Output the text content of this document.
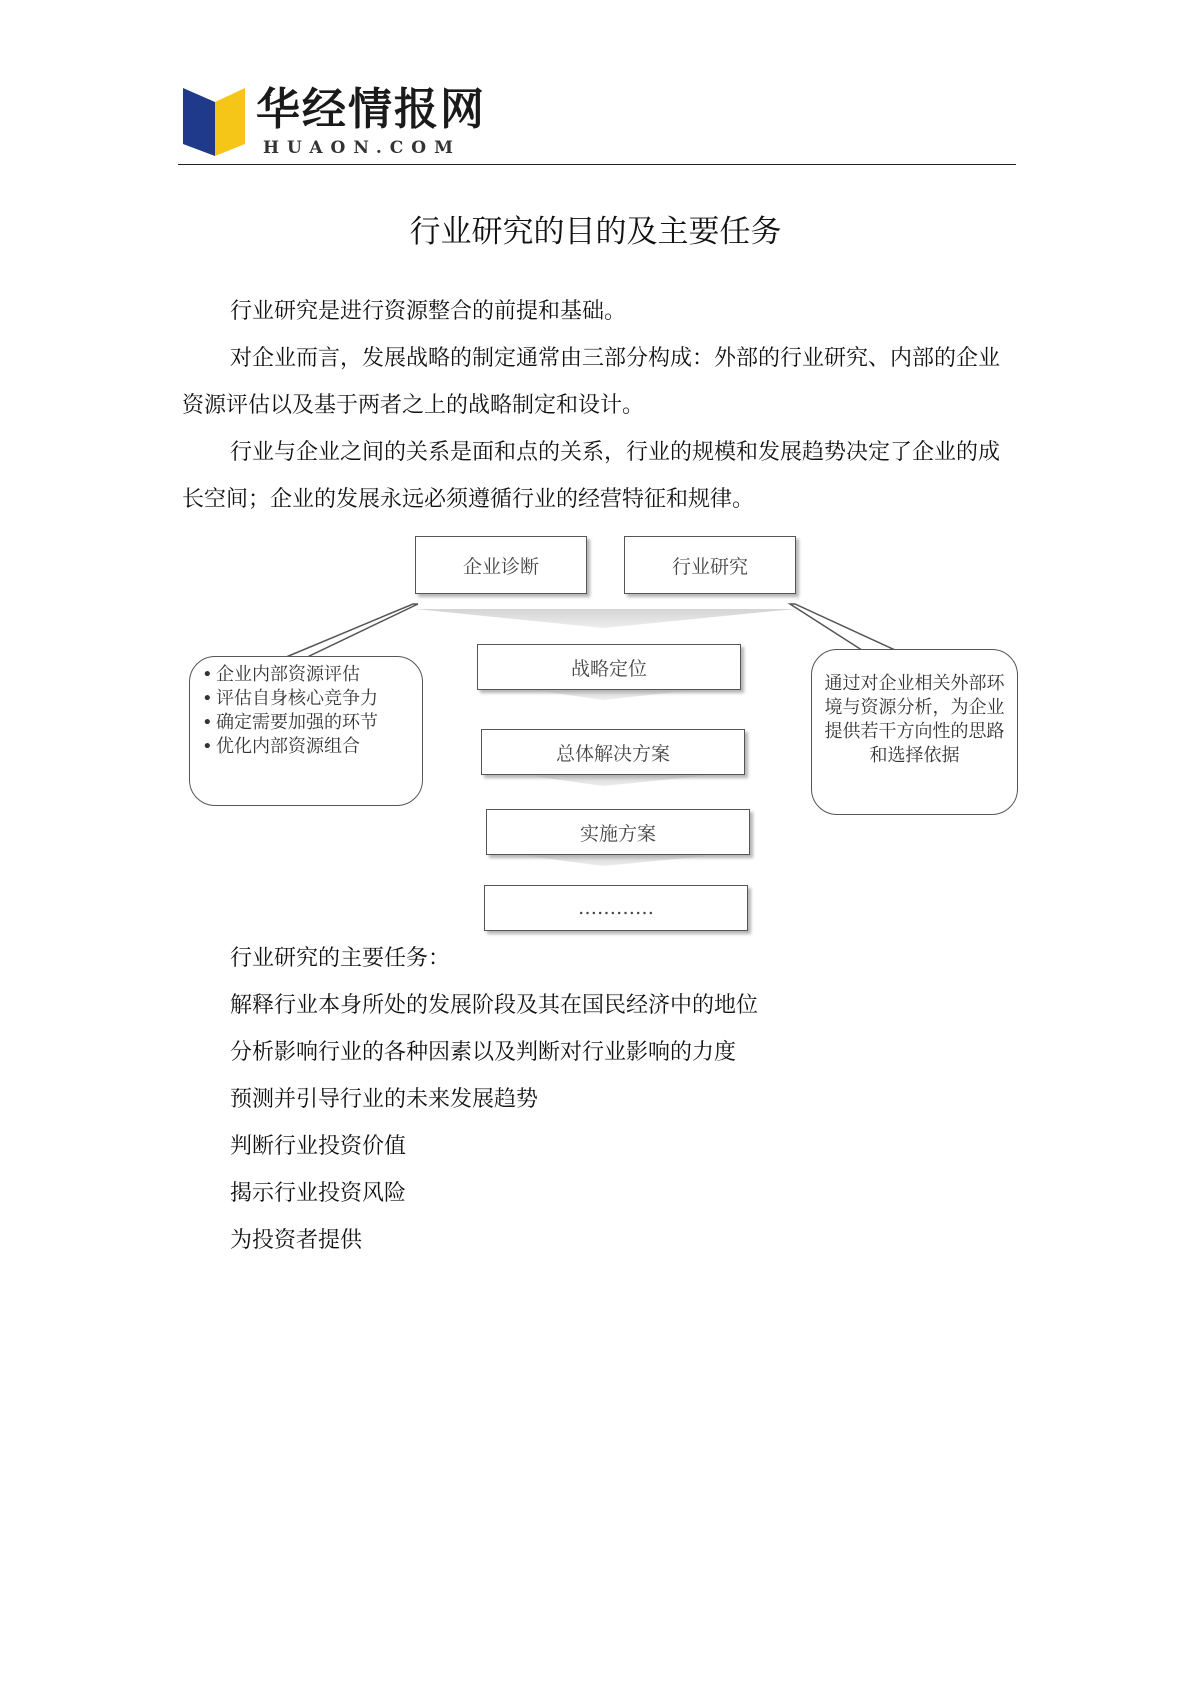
华经情报网
HUAON.COM
行业研究的目的及主要任务

行业研究是进行资源整合的前提和基础。

对企业而言，发展战略的制定通常由三部分构成：外部的行业研究、内部的企业资源评估以及基于两者之上的战略制定和设计。

行业与企业之间的关系是面和点的关系，行业的规模和发展趋势决定了企业的成长空间；企业的发展永远必须遵循行业的经营特征和规律。

企业诊断	行业研究
战略定位
总体解决方案
实施方案
…………
• 企业内部资源评估
• 评估自身核心竞争力
• 确定需要加强的环节
• 优化内部资源组合
通过对企业相关外部环境与资源分析，为企业提供若干方向性的思路和选择依据
行业研究的主要任务：
解释行业本身所处的发展阶段及其在国民经济中的地位
分析影响行业的各种因素以及判断对行业影响的力度
预测并引导行业的未来发展趋势
判断行业投资价值
揭示行业投资风险
为投资者提供
